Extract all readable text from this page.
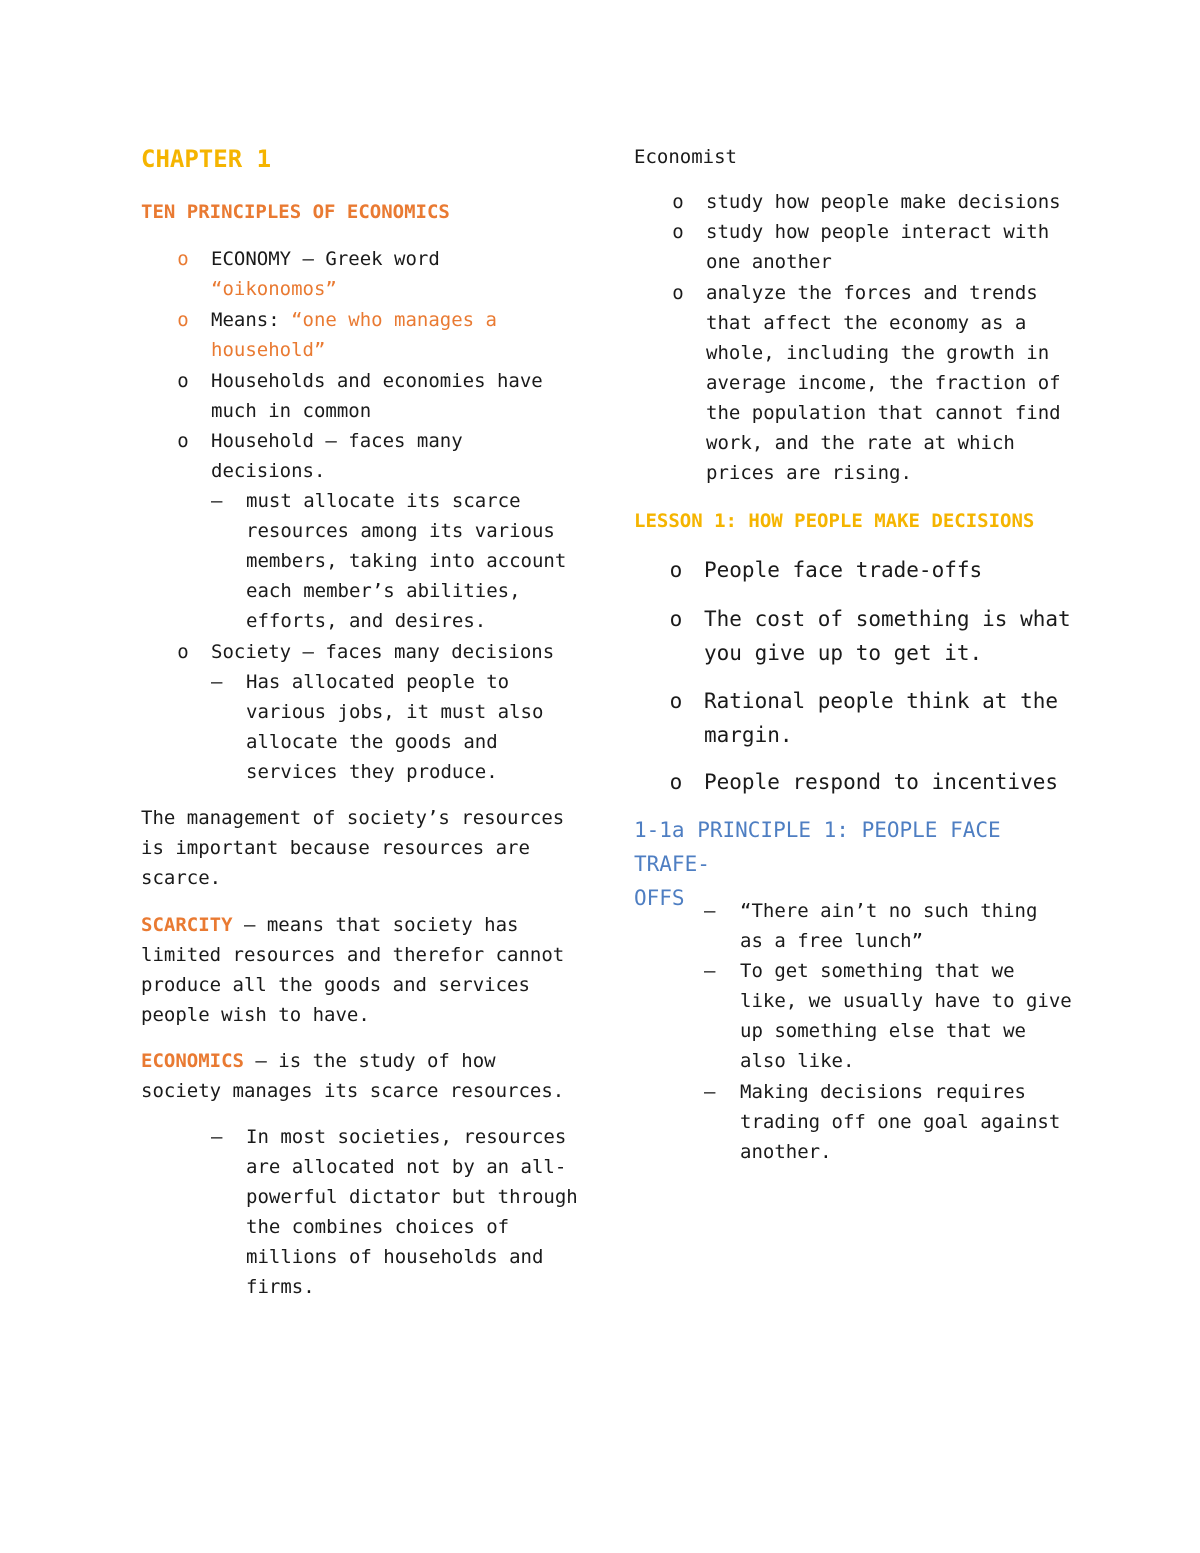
CHAPTER 1
TEN PRINCIPLES OF ECONOMICS
o ECONOMY – Greek word
“oikonomos”
o Means: “one who manages a
household”
o Households and economies have
much in common
o Household – faces many
decisions.
– must allocate its scarce
resources among its various
members, taking into account
each member’s abilities,
efforts, and desires.
o Society – faces many decisions
– Has allocated people to
various jobs, it must also
allocate the goods and
services they produce.
The management of society’s resources
is important because resources are
scarce.
SCARCITY – means that society has
limited resources and therefor cannot
produce all the goods and services
people wish to have.
ECONOMICS – is the study of how
society manages its scarce resources.
– In most societies, resources
are allocated not by an all-
powerful dictator but through
the combines choices of
millions of households and
firms.
Economist
o study how people make decisions
o study how people interact with
one another
o analyze the forces and trends
that affect the economy as a
whole, including the growth in
average income, the fraction of
the population that cannot find
work, and the rate at which
prices are rising.
LESSON 1: HOW PEOPLE MAKE DECISIONS
o People face trade-offs
o The cost of something is what
you give up to get it.
o Rational people think at the
margin.
o People respond to incentives
1-1a PRINCIPLE 1: PEOPLE FACE TRAFE-
OFFS
– “There ain’t no such thing
as a free lunch”
– To get something that we
like, we usually have to give
up something else that we
also like.
– Making decisions requires
trading off one goal against
another.
